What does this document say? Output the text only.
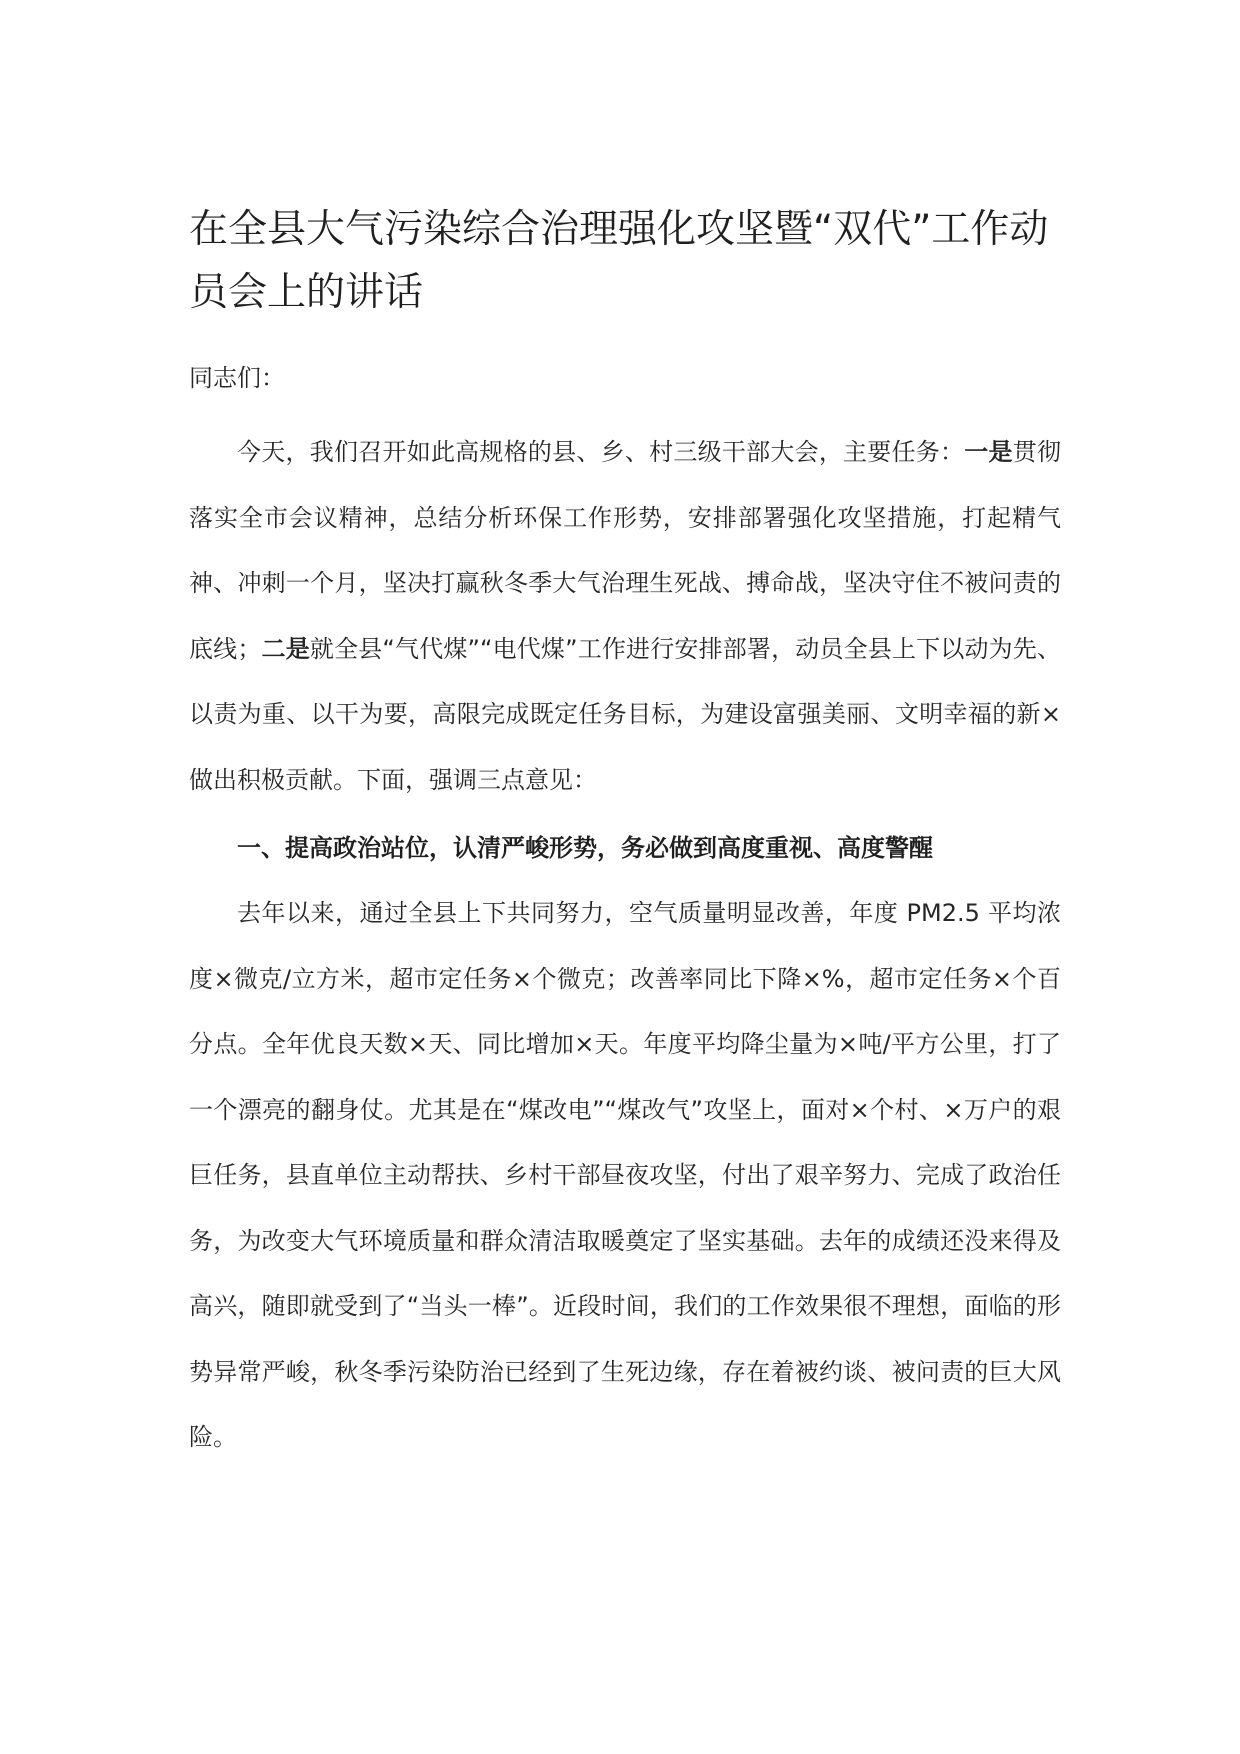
在全县大气污染综合治理强化攻坚暨“双代”工作动员会上的讲话

同志们：

今天，我们召开如此高规格的县、乡、村三级干部大会，主要任务：一是贯彻落实全市会议精神，总结分析环保工作形势，安排部署强化攻坚措施，打起精气神、冲刺一个月，坚决打赢秋冬季大气治理生死战、搏命战，坚决守住不被问责的底线；二是就全县“气代煤”“电代煤”工作进行安排部署，动员全县上下以动为先、以责为重、以干为要，高限完成既定任务目标，为建设富强美丽、文明幸福的新×做出积极贡献。下面，强调三点意见：

一、提高政治站位，认清严峻形势，务必做到高度重视、高度警醒

去年以来，通过全县上下共同努力，空气质量明显改善，年度 PM2.5 平均浓度×微克/立方米，超市定任务×个微克；改善率同比下降×%，超市定任务×个百分点。全年优良天数×天、同比增加×天。年度平均降尘量为×吨/平方公里，打了一个漂亮的翻身仗。尤其是在“煤改电”“煤改气”攻坚上，面对×个村、×万户的艰巨任务，县直单位主动帮扶、乡村干部昼夜攻坚，付出了艰辛努力、完成了政治任务，为改变大气环境质量和群众清洁取暖奠定了坚实基础。去年的成绩还没来得及高兴，随即就受到了“当头一棒”。近段时间，我们的工作效果很不理想，面临的形势异常严峻，秋冬季污染防治已经到了生死边缘，存在着被约谈、被问责的巨大风险。
